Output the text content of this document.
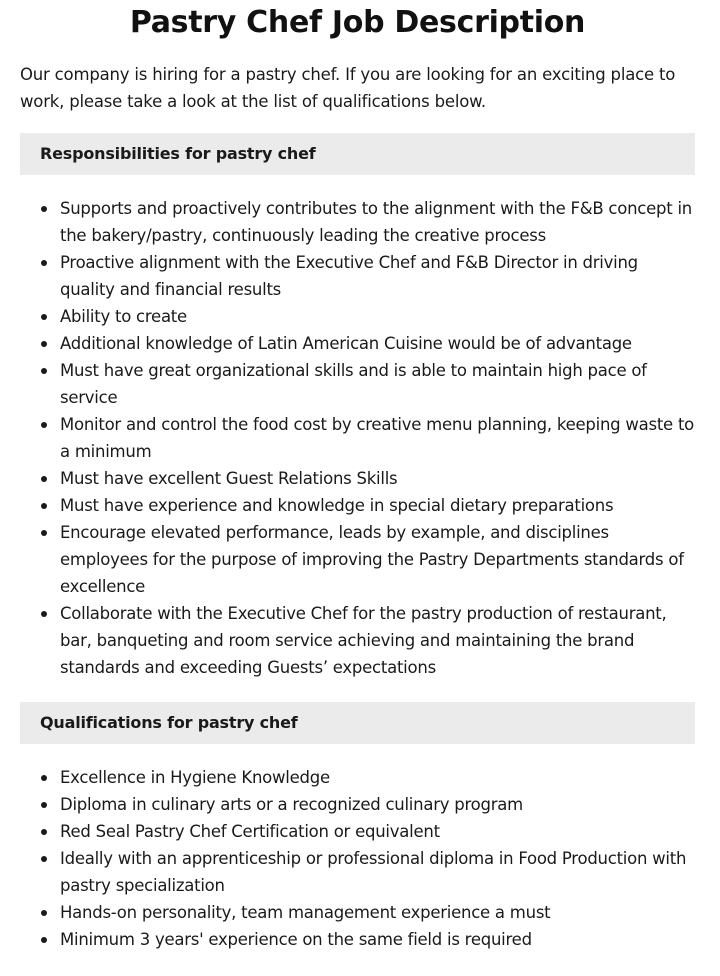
Pastry Chef Job Description

Our company is hiring for a pastry chef. If you are looking for an exciting place to work, please take a look at the list of qualifications below.

Responsibilities for pastry chef
Supports and proactively contributes to the alignment with the F&B concept in the bakery/pastry, continuously leading the creative process
Proactive alignment with the Executive Chef and F&B Director in driving quality and financial results
Ability to create
Additional knowledge of Latin American Cuisine would be of advantage
Must have great organizational skills and is able to maintain high pace of service
Monitor and control the food cost by creative menu planning, keeping waste to a minimum
Must have excellent Guest Relations Skills
Must have experience and knowledge in special dietary preparations
Encourage elevated performance, leads by example, and disciplines employees for the purpose of improving the Pastry Departments standards of excellence
Collaborate with the Executive Chef for the pastry production of restaurant, bar, banqueting and room service achieving and maintaining the brand standards and exceeding Guests’ expectations
Qualifications for pastry chef
Excellence in Hygiene Knowledge
Diploma in culinary arts or a recognized culinary program
Red Seal Pastry Chef Certification or equivalent
Ideally with an apprenticeship or professional diploma in Food Production with pastry specialization
Hands-on personality, team management experience a must
Minimum 3 years' experience on the same field is required
